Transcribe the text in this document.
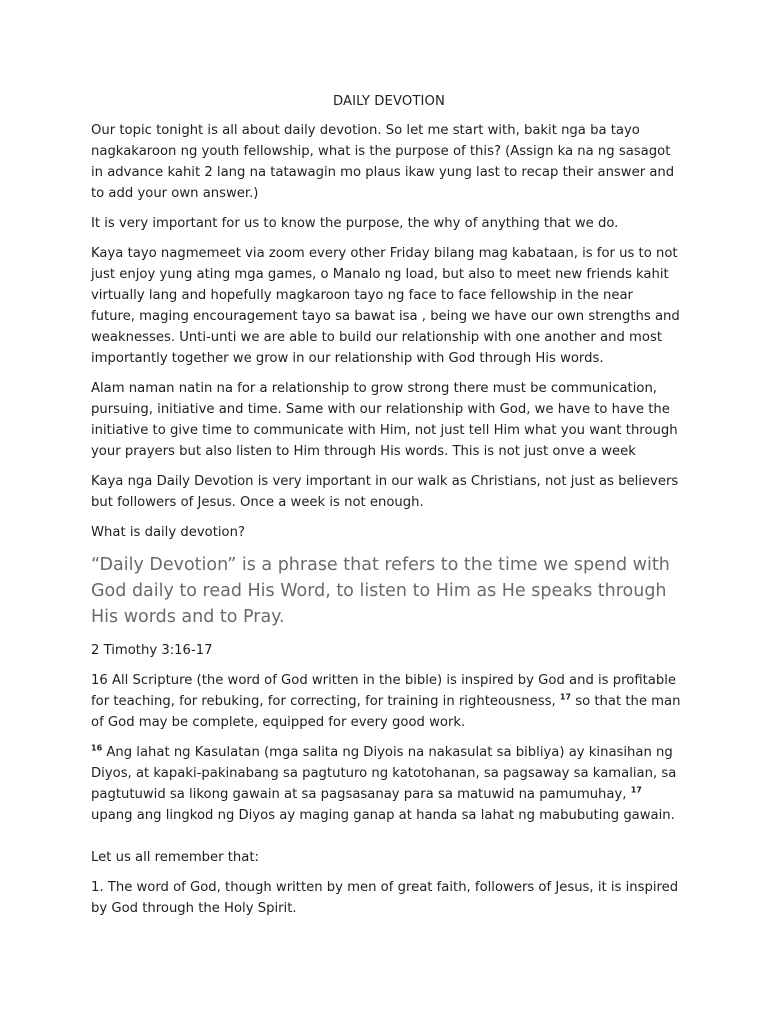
DAILY DEVOTION

Our topic tonight is all about daily devotion. So let me start with, bakit nga ba tayo nagkakaroon ng youth fellowship, what is the purpose of this? (Assign ka na ng sasagot in advance kahit 2 lang na tatawagin mo plaus ikaw yung last to recap their answer and to add your own answer.)

It is very important for us to know the purpose, the why of anything that we do.

Kaya tayo nagmemeet via zoom every other Friday bilang mag kabataan, is for us to not just enjoy yung ating mga games, o Manalo ng load, but also to meet new friends kahit virtually lang and hopefully magkaroon tayo ng face to face fellowship in the near future, maging encouragement tayo sa bawat isa , being we have our own strengths and weaknesses. Unti-unti we are able to build our relationship with one another and most importantly together we grow in our relationship with God through His words.

Alam naman natin na for a relationship to grow strong there must be communication, pursuing, initiative and time. Same with our relationship with God, we have to have the initiative to give time to communicate with Him, not just tell Him what you want through your prayers but also listen to Him through His words. This is not just onve a week

Kaya nga Daily Devotion is very important in our walk as Christians, not just as believers but followers of Jesus. Once a week is not enough.

What is daily devotion?

“Daily Devotion” is a phrase that refers to the time we spend with God daily to read His Word, to listen to Him as He speaks through His words and to Pray.

2 Timothy 3:16-17

16 All Scripture (the word of God written in the bible) is inspired by God and is profitable for teaching, for rebuking, for correcting, for training in righteousness, $^{17}$ so that the man of God may be complete, equipped for every good work.

$^{16}$ Ang lahat ng Kasulatan (mga salita ng Diyois na nakasulat sa bibliya) ay kinasihan ng Diyos, at kapaki-pakinabang sa pagtuturo ng katotohanan, sa pagsaway sa kamalian, sa pagtutuwid sa likong gawain at sa pagsasanay para sa matuwid na pamumuhay, $^{17}$ upang ang lingkod ng Diyos ay maging ganap at handa sa lahat ng mabubuting gawain.

Let us all remember that:

1. The word of God, though written by men of great faith, followers of Jesus, it is inspired by God through the Holy Spirit.
